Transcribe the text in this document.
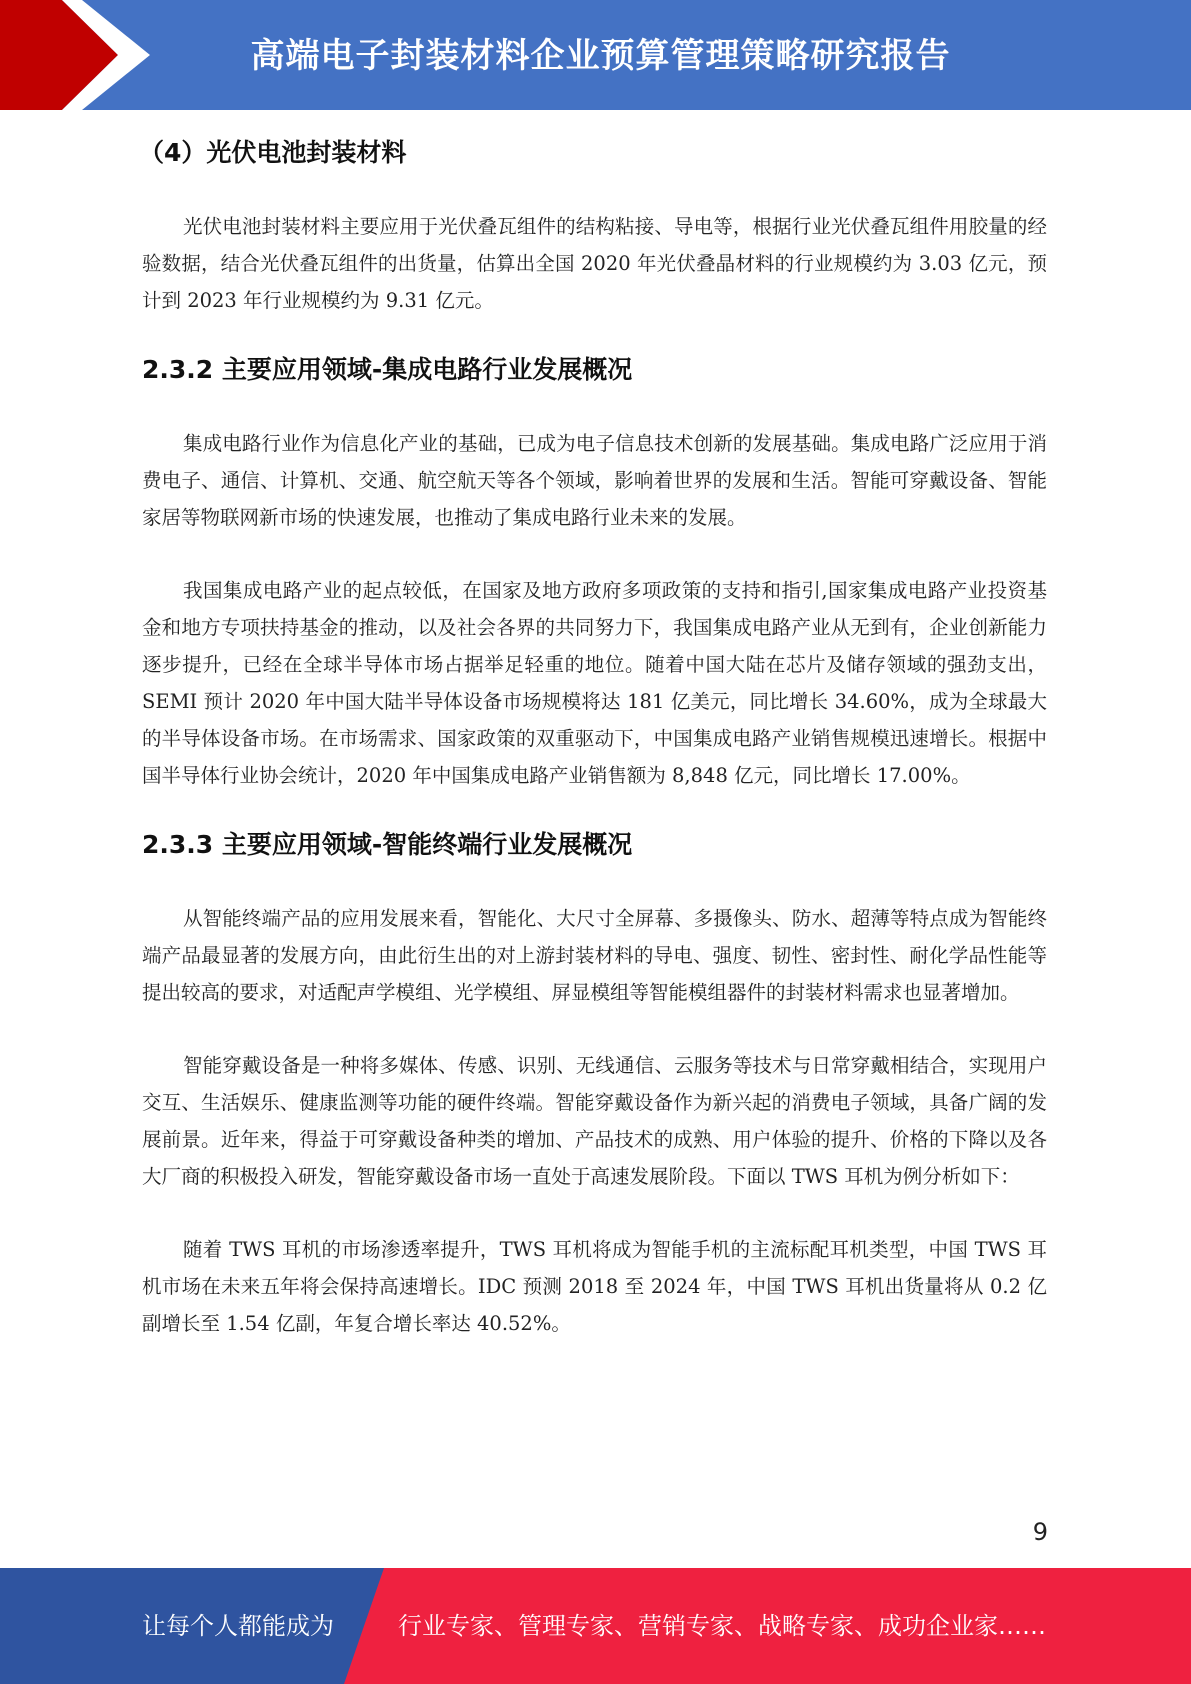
高端电子封装材料企业预算管理策略研究报告
（4）光伏电池封装材料

光伏电池封装材料主要应用于光伏叠瓦组件的结构粘接、导电等，根据行业光伏叠瓦组件用胶量的经验数据，结合光伏叠瓦组件的出货量，估算出全国 2020 年光伏叠晶材料的行业规模约为 3.03 亿元，预计到 2023 年行业规模约为 9.31 亿元。

2.3.2 主要应用领域-集成电路行业发展概况

集成电路行业作为信息化产业的基础，已成为电子信息技术创新的发展基础。集成电路广泛应用于消费电子、通信、计算机、交通、航空航天等各个领域，影响着世界的发展和生活。智能可穿戴设备、智能家居等物联网新市场的快速发展，也推动了集成电路行业未来的发展。

我国集成电路产业的起点较低，在国家及地方政府多项政策的支持和指引,国家集成电路产业投资基金和地方专项扶持基金的推动，以及社会各界的共同努力下，我国集成电路产业从无到有，企业创新能力逐步提升，已经在全球半导体市场占据举足轻重的地位。随着中国大陆在芯片及储存领域的强劲支出，SEMI 预计 2020 年中国大陆半导体设备市场规模将达 181 亿美元，同比增长 34.60%，成为全球最大的半导体设备市场。在市场需求、国家政策的双重驱动下，中国集成电路产业销售规模迅速增长。根据中国半导体行业协会统计，2020 年中国集成电路产业销售额为 8,848 亿元，同比增长 17.00%。

2.3.3 主要应用领域-智能终端行业发展概况

从智能终端产品的应用发展来看，智能化、大尺寸全屏幕、多摄像头、防水、超薄等特点成为智能终端产品最显著的发展方向，由此衍生出的对上游封装材料的导电、强度、韧性、密封性、耐化学品性能等提出较高的要求，对适配声学模组、光学模组、屏显模组等智能模组器件的封装材料需求也显著增加。

智能穿戴设备是一种将多媒体、传感、识别、无线通信、云服务等技术与日常穿戴相结合，实现用户交互、生活娱乐、健康监测等功能的硬件终端。智能穿戴设备作为新兴起的消费电子领域，具备广阔的发展前景。近年来，得益于可穿戴设备种类的增加、产品技术的成熟、用户体验的提升、价格的下降以及各大厂商的积极投入研发，智能穿戴设备市场一直处于高速发展阶段。下面以 TWS 耳机为例分析如下：

随着 TWS 耳机的市场渗透率提升，TWS 耳机将成为智能手机的主流标配耳机类型，中国 TWS 耳机市场在未来五年将会保持高速增长。IDC 预测 2018 至 2024 年，中国 TWS 耳机出货量将从 0.2 亿副增长至 1.54 亿副，年复合增长率达 40.52%。

9
让每个人都能成为	行业专家、管理专家、营销专家、战略专家、成功企业家……
